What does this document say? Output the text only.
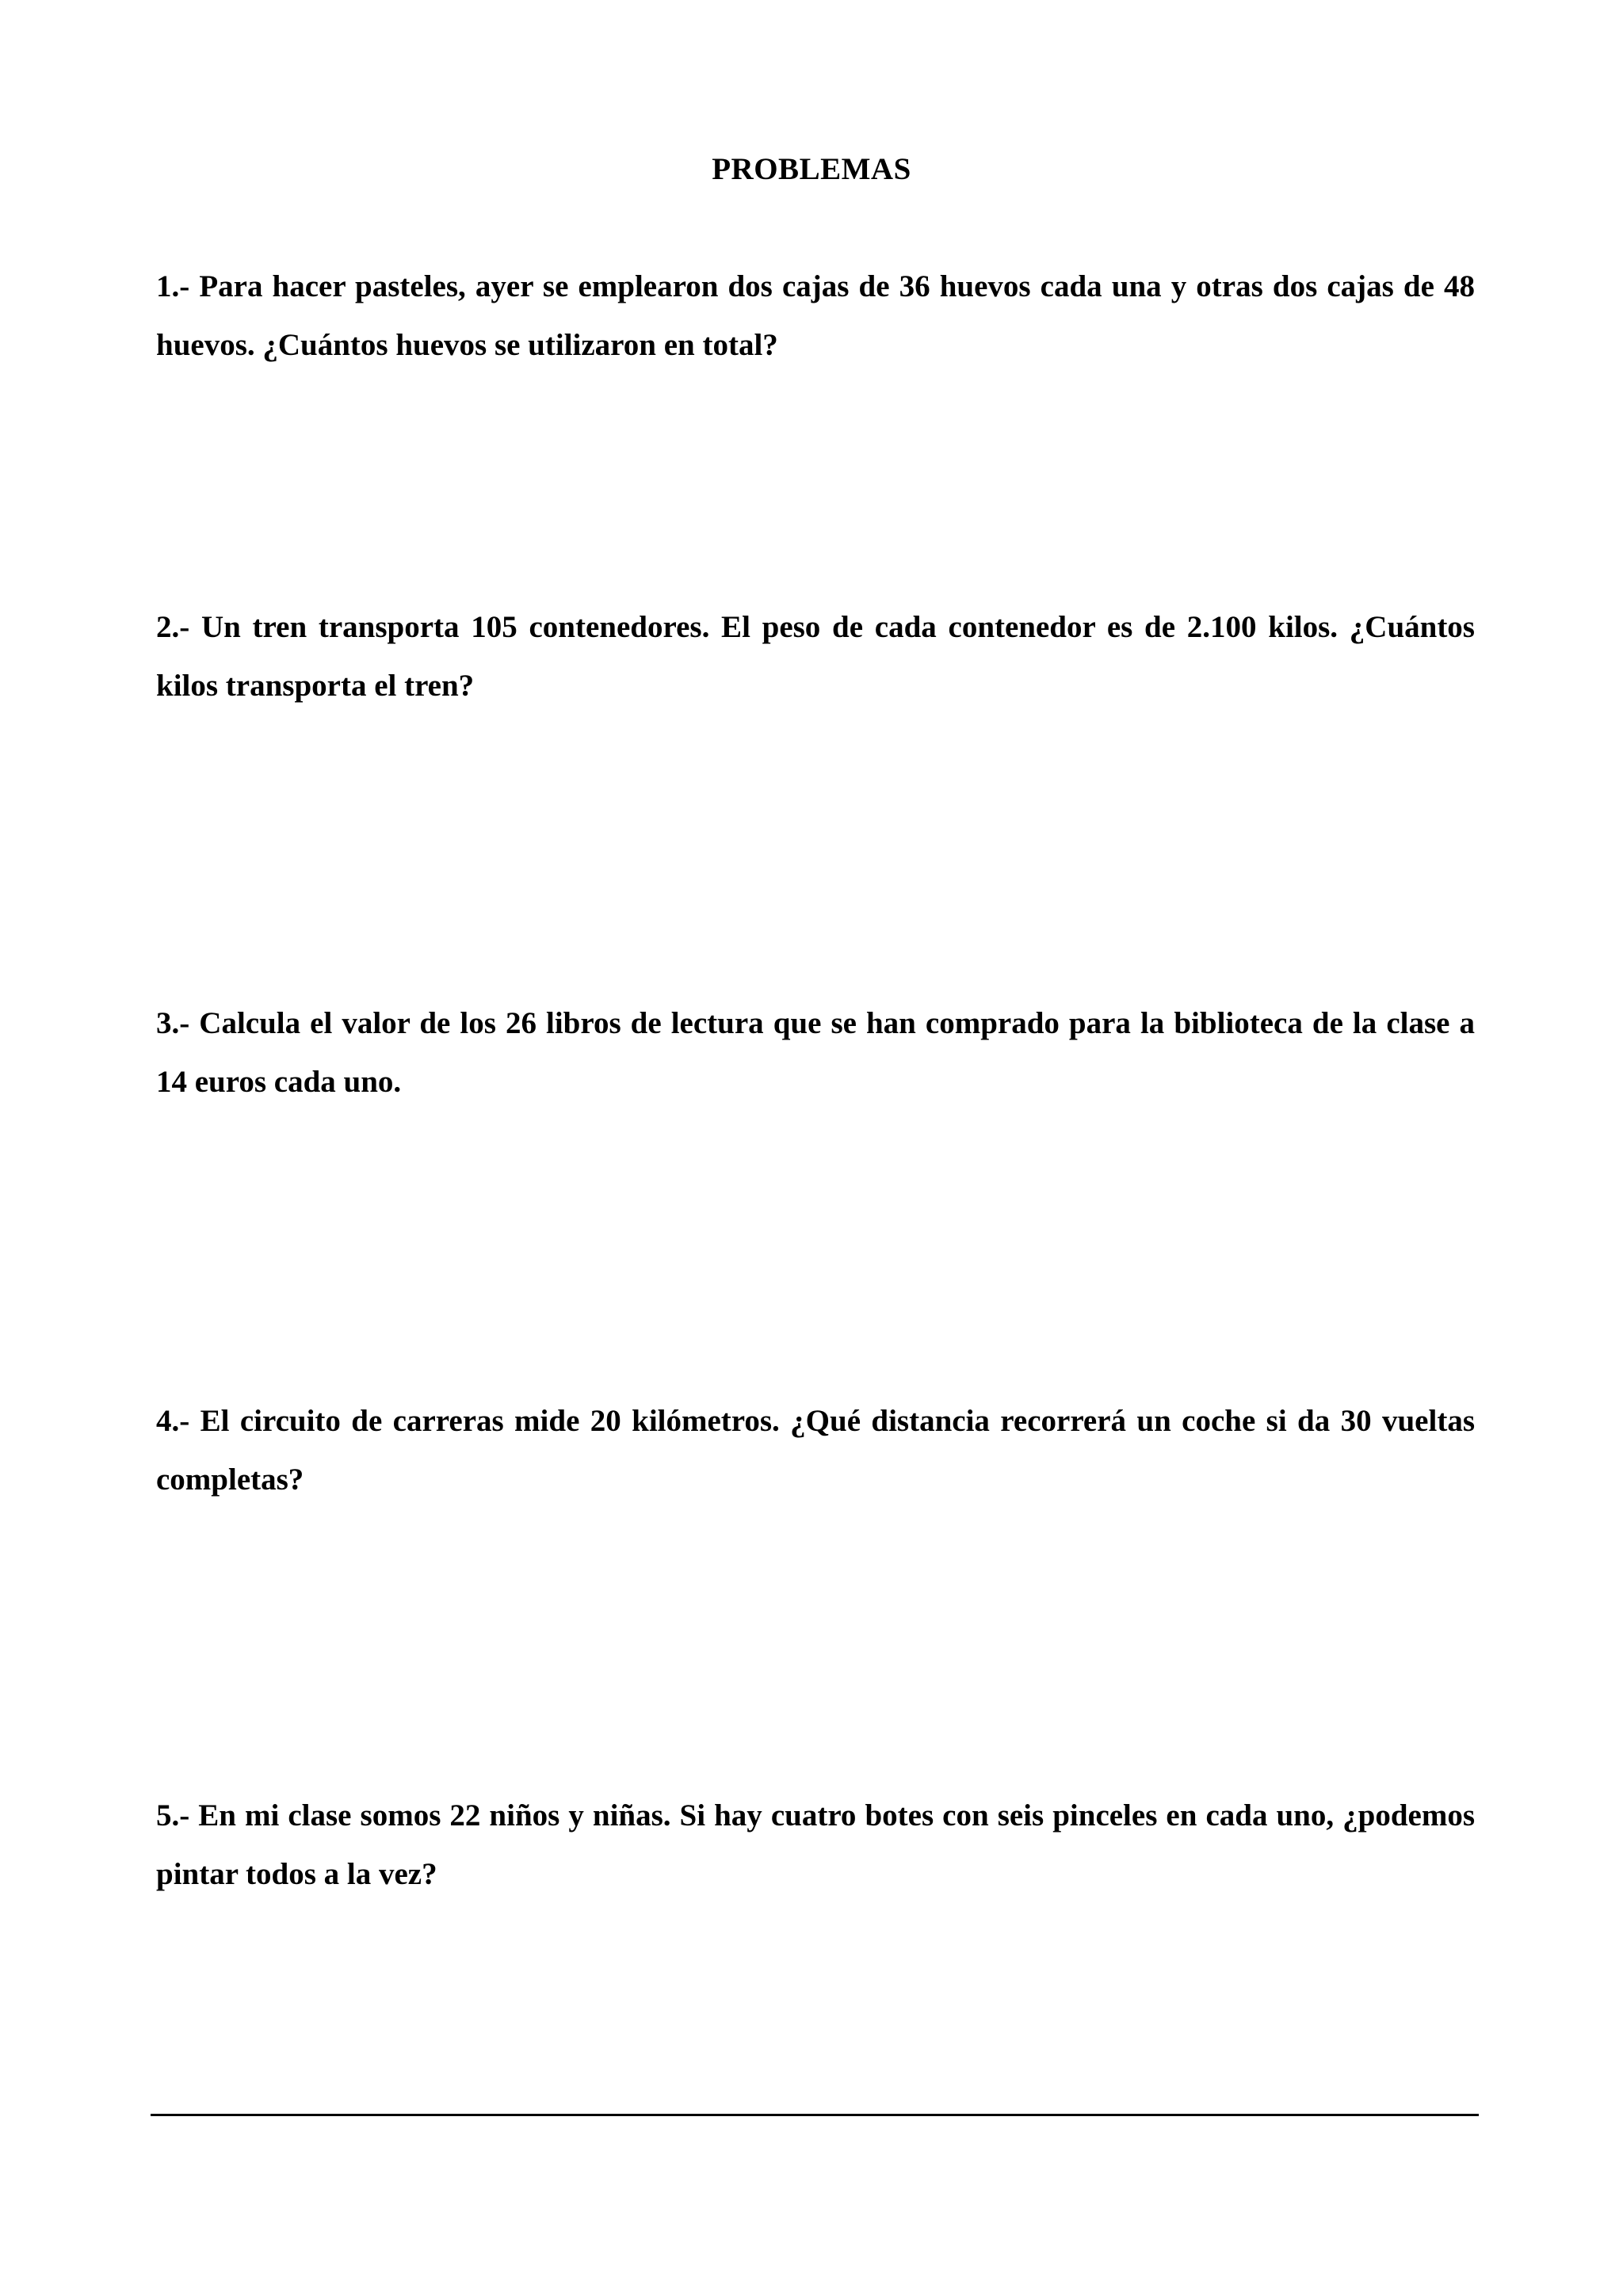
PROBLEMAS
1.- Para hacer pasteles, ayer se emplearon dos cajas de 36 huevos cada una y otras dos cajas de 48 huevos. ¿Cuántos huevos se utilizaron en total?
2.- Un tren transporta 105 contenedores. El peso de cada contenedor es de 2.100 kilos. ¿Cuántos kilos transporta el tren?
3.- Calcula el valor de los 26 libros de lectura que se han comprado para la biblioteca de la clase a 14 euros cada uno.
4.- El circuito de carreras mide 20 kilómetros. ¿Qué distancia recorrerá un coche si da 30 vueltas completas?
5.- En mi clase somos 22 niños y niñas. Si hay cuatro botes con seis pinceles en cada uno, ¿podemos pintar todos a la vez?
